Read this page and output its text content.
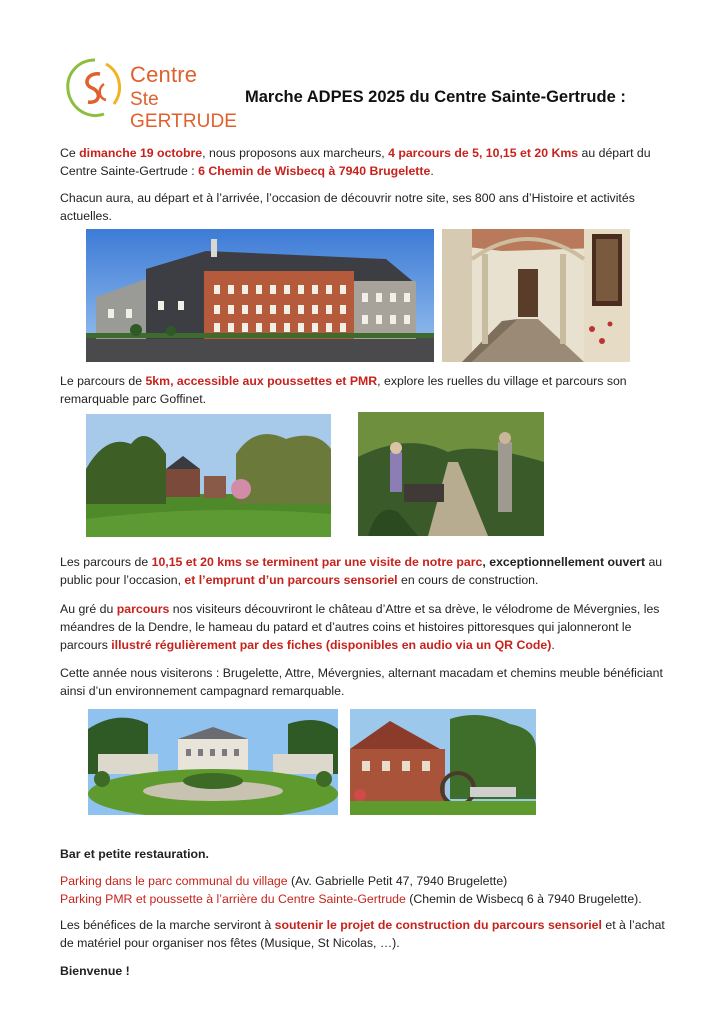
Centre
Ste GERTRUDE
Marche ADPES 2025 du Centre Sainte-Gertrude :

Ce dimanche 19 octobre, nous proposons aux marcheurs, 4 parcours de 5, 10,15 et 20 Kms au départ du Centre Sainte-Gertrude : 6 Chemin de Wisbecq à 7940 Brugelette.

Chacun aura, au départ et à l’arrivée, l’occasion de découvrir notre site, ses 800 ans d’Histoire et activités actuelles.

Le parcours de 5km, accessible aux poussettes et PMR, explore les ruelles du village et parcours son remarquable parc Goffinet.

Les parcours de 10,15 et 20 kms se terminent par une visite de notre parc, exceptionnellement ouvert au public pour l’occasion, et l’emprunt d’un parcours sensoriel en cours de construction.

Au gré du parcours nos visiteurs découvriront le château d’Attre et sa drève, le vélodrome de Mévergnies, les méandres de la Dendre, le hameau du patard et d’autres coins et histoires pittoresques qui jalonneront le parcours illustré régulièrement par des fiches (disponibles en audio via un QR Code).

Cette année nous visiterons : Brugelette, Attre, Mévergnies, alternant macadam et chemins meuble bénéficiant ainsi d’un environnement campagnard remarquable.

Bar et petite restauration.

Parking dans le parc communal du village (Av. Gabrielle Petit 47, 7940 Brugelette)
Parking PMR et poussette à l’arrière du Centre Sainte-Gertrude (Chemin de Wisbecq 6 à 7940 Brugelette).

Les bénéfices de la marche serviront à soutenir le projet de construction du parcours sensoriel et à l’achat de matériel pour organiser nos fêtes (Musique, St Nicolas, …).

Bienvenue !
